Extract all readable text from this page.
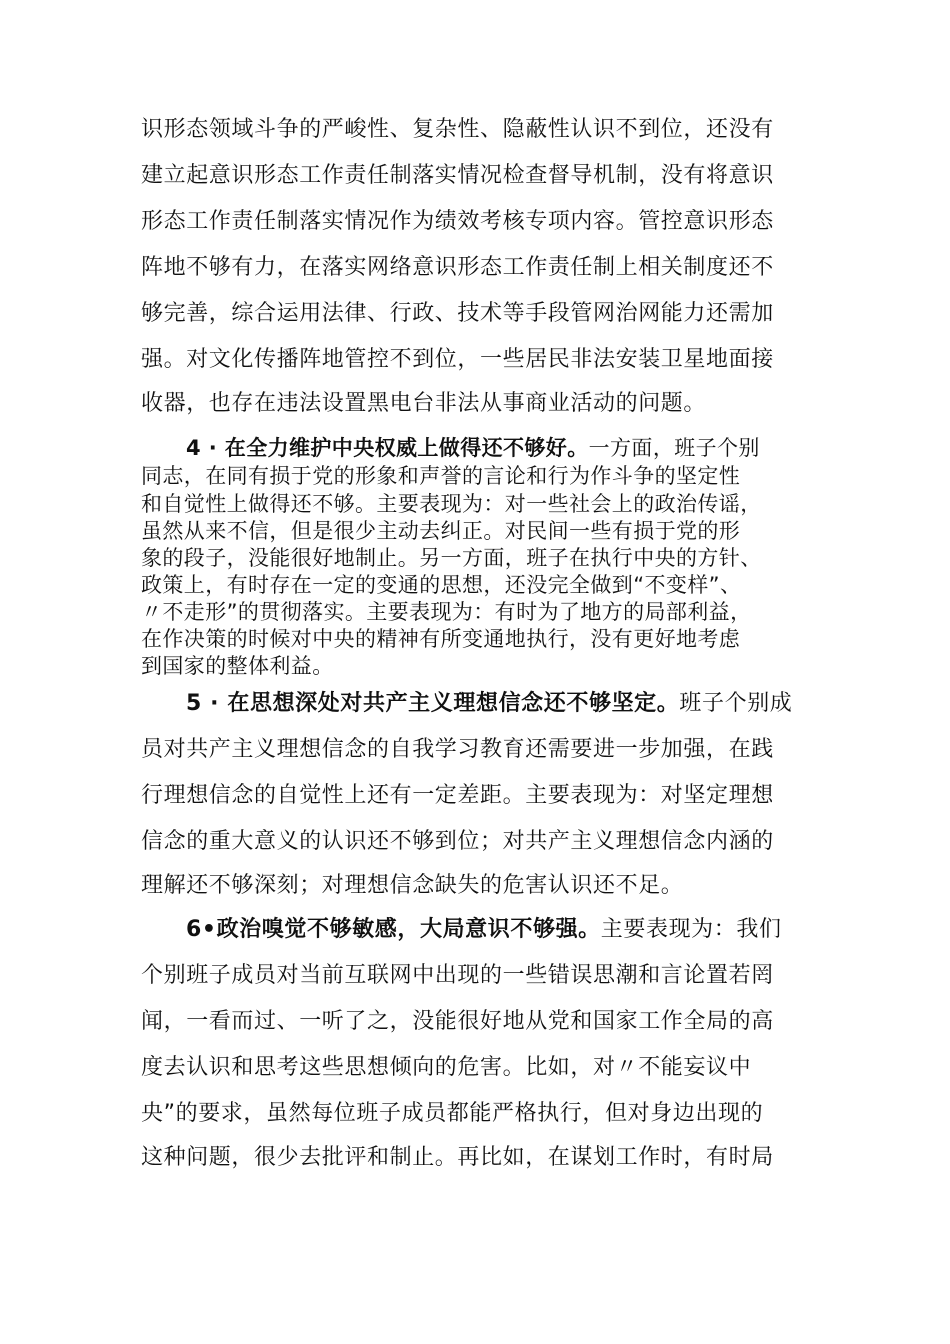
识形态领域斗争的严峻性、复杂性、隐蔽性认识不到位，还没有
建立起意识形态工作责任制落实情况检查督导机制，没有将意识
形态工作责任制落实情况作为绩效考核专项内容。管控意识形态
阵地不够有力，在落实网络意识形态工作责任制上相关制度还不
够完善，综合运用法律、行政、技术等手段管网治网能力还需加
强。对文化传播阵地管控不到位，一些居民非法安装卫星地面接
收器，也存在违法设置黑电台非法从事商业活动的问题。
4 · 在全力维护中央权威上做得还不够好。一方面，班子个别
同志，在同有损于党的形象和声誉的言论和行为作斗争的坚定性
和自觉性上做得还不够。主要表现为：对一些社会上的政治传谣，
虽然从来不信，但是很少主动去纠正。对民间一些有损于党的形
象的段子，没能很好地制止。另一方面，班子在执行中央的方针、
政策上，有时存在一定的变通的思想，还没完全做到“不变样”、
〃不走形”的贯彻落实。主要表现为：有时为了地方的局部利益，
在作决策的时候对中央的精神有所变通地执行，没有更好地考虑
到国家的整体利益。
5 · 在思想深处对共产主义理想信念还不够坚定。班子个别成
员对共产主义理想信念的自我学习教育还需要进一步加强，在践
行理想信念的自觉性上还有一定差距。主要表现为：对坚定理想
信念的重大意义的认识还不够到位；对共产主义理想信念内涵的
理解还不够深刻；对理想信念缺失的危害认识还不足。
6•政治嗅觉不够敏感，大局意识不够强。主要表现为：我们
个别班子成员对当前互联网中出现的一些错误思潮和言论置若罔
闻，一看而过、一听了之，没能很好地从党和国家工作全局的高
度去认识和思考这些思想倾向的危害。比如，对〃不能妄议中
央”的要求，虽然每位班子成员都能严格执行，但对身边出现的
这种问题，很少去批评和制止。再比如，在谋划工作时，有时局
